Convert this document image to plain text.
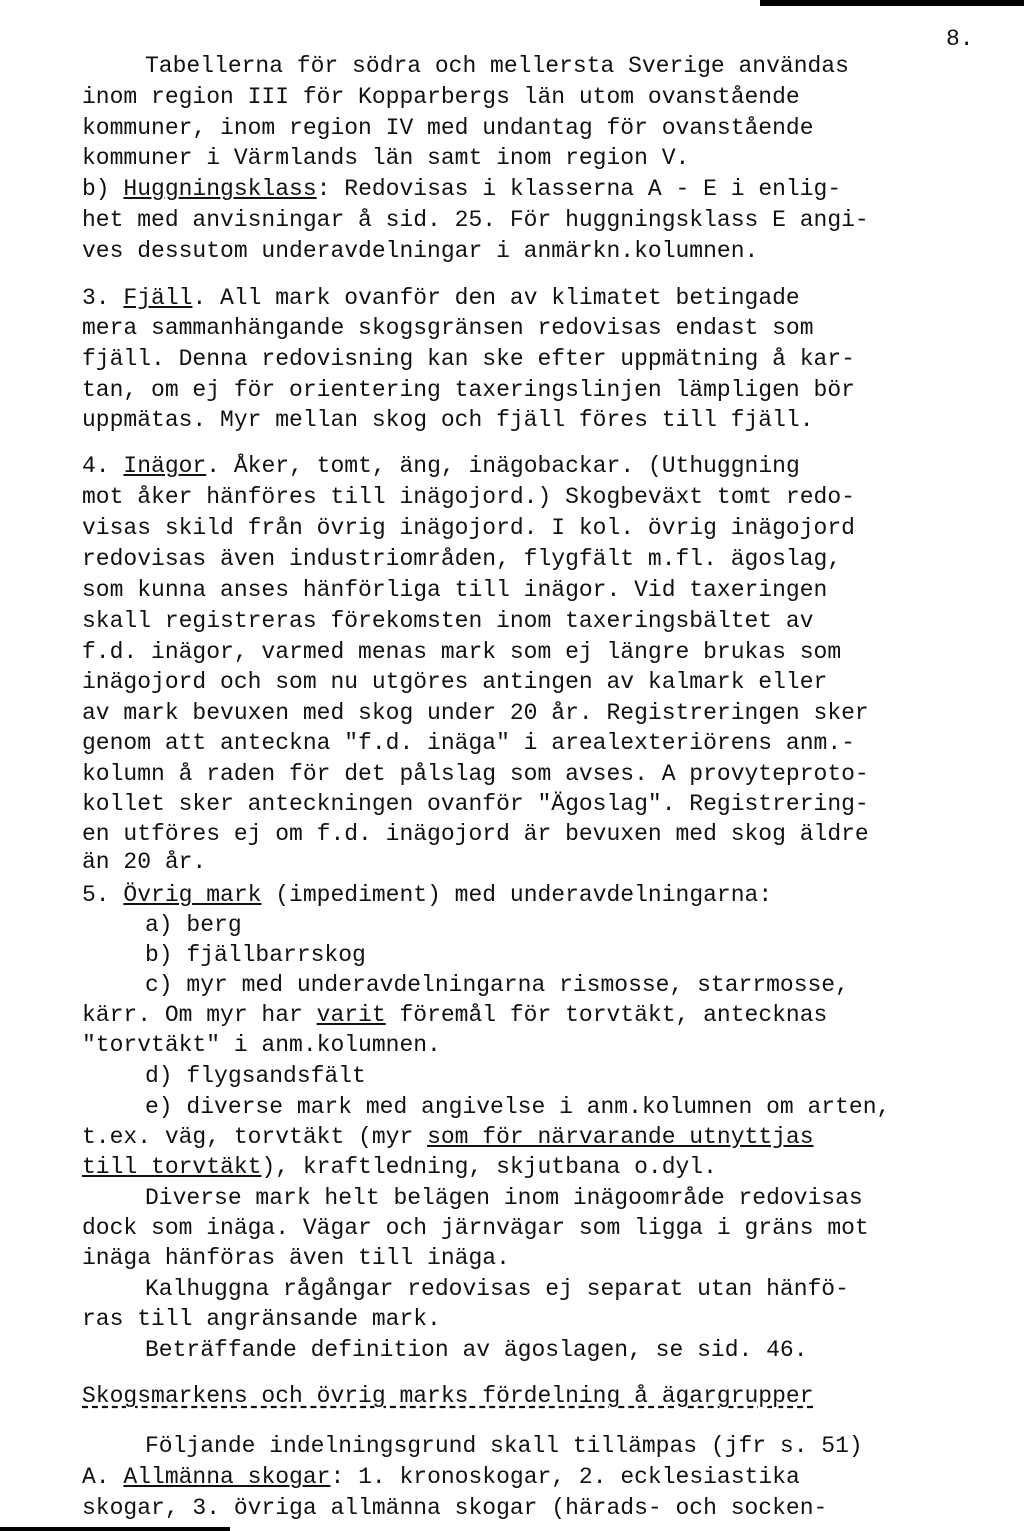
8.
Tabellerna för södra och mellersta Sverige användas
inom region III för Kopparbergs län utom ovanstående
kommuner, inom region IV med undantag för ovanstående
kommuner i Värmlands län samt inom region V.
b) Huggningsklass: Redovisas i klasserna A - E i enlig-
het med anvisningar å sid. 25. För huggningsklass E angi-
ves dessutom underavdelningar i anmärkn.kolumnen.
3. Fjäll. All mark ovanför den av klimatet betingade
mera sammanhängande skogsgränsen redovisas endast som
fjäll. Denna redovisning kan ske efter uppmätning å kar-
tan, om ej för orientering taxeringslinjen lämpligen bör
uppmätas. Myr mellan skog och fjäll föres till fjäll.
4. Inägor. Åker, tomt, äng, inägobackar. (Uthuggning
mot åker hänföres till inägojord.) Skogbeväxt tomt redo-
visas skild från övrig inägojord. I kol. övrig inägojord
redovisas även industriområden, flygfält m.fl. ägoslag,
som kunna anses hänförliga till inägor. Vid taxeringen
skall registreras förekomsten inom taxeringsbältet av
f.d. inägor, varmed menas mark som ej längre brukas som
inägojord och som nu utgöres antingen av kalmark eller
av mark bevuxen med skog under 20 år. Registreringen sker
genom att anteckna "f.d. inäga" i arealexteriörens anm.-
kolumn å raden för det pålslag som avses. A provyteproto-
kollet sker anteckningen ovanför "Ägoslag". Registrering-
en utföres ej om f.d. inägojord är bevuxen med skog äldre
än 20 år.
5. Övrig mark (impediment) med underavdelningarna:
a) berg
b) fjällbarrskog
c) myr med underavdelningarna rismosse, starrmosse,
kärr. Om myr har varit föremål för torvtäkt, antecknas
"torvtäkt" i anm.kolumnen.
d) flygsandsfält
e) diverse mark med angivelse i anm.kolumnen om arten,
t.ex. väg, torvtäkt (myr som för närvarande utnyttjas
till torvtäkt), kraftledning, skjutbana o.dyl.
Diverse mark helt belägen inom inägoområde redovisas
dock som inäga. Vägar och järnvägar som ligga i gräns mot
inäga hänföras även till inäga.
Kalhuggna rågångar redovisas ej separat utan hänfö-
ras till angränsande mark.
Beträffande definition av ägoslagen, se sid. 46.
Skogsmarkens och övrig marks fördelning å ägargrupper
Följande indelningsgrund skall tillämpas (jfr s. 51)
A. Allmänna skogar: 1. kronoskogar, 2. ecklesiastika
skogar, 3. övriga allmänna skogar (härads- och socken-
